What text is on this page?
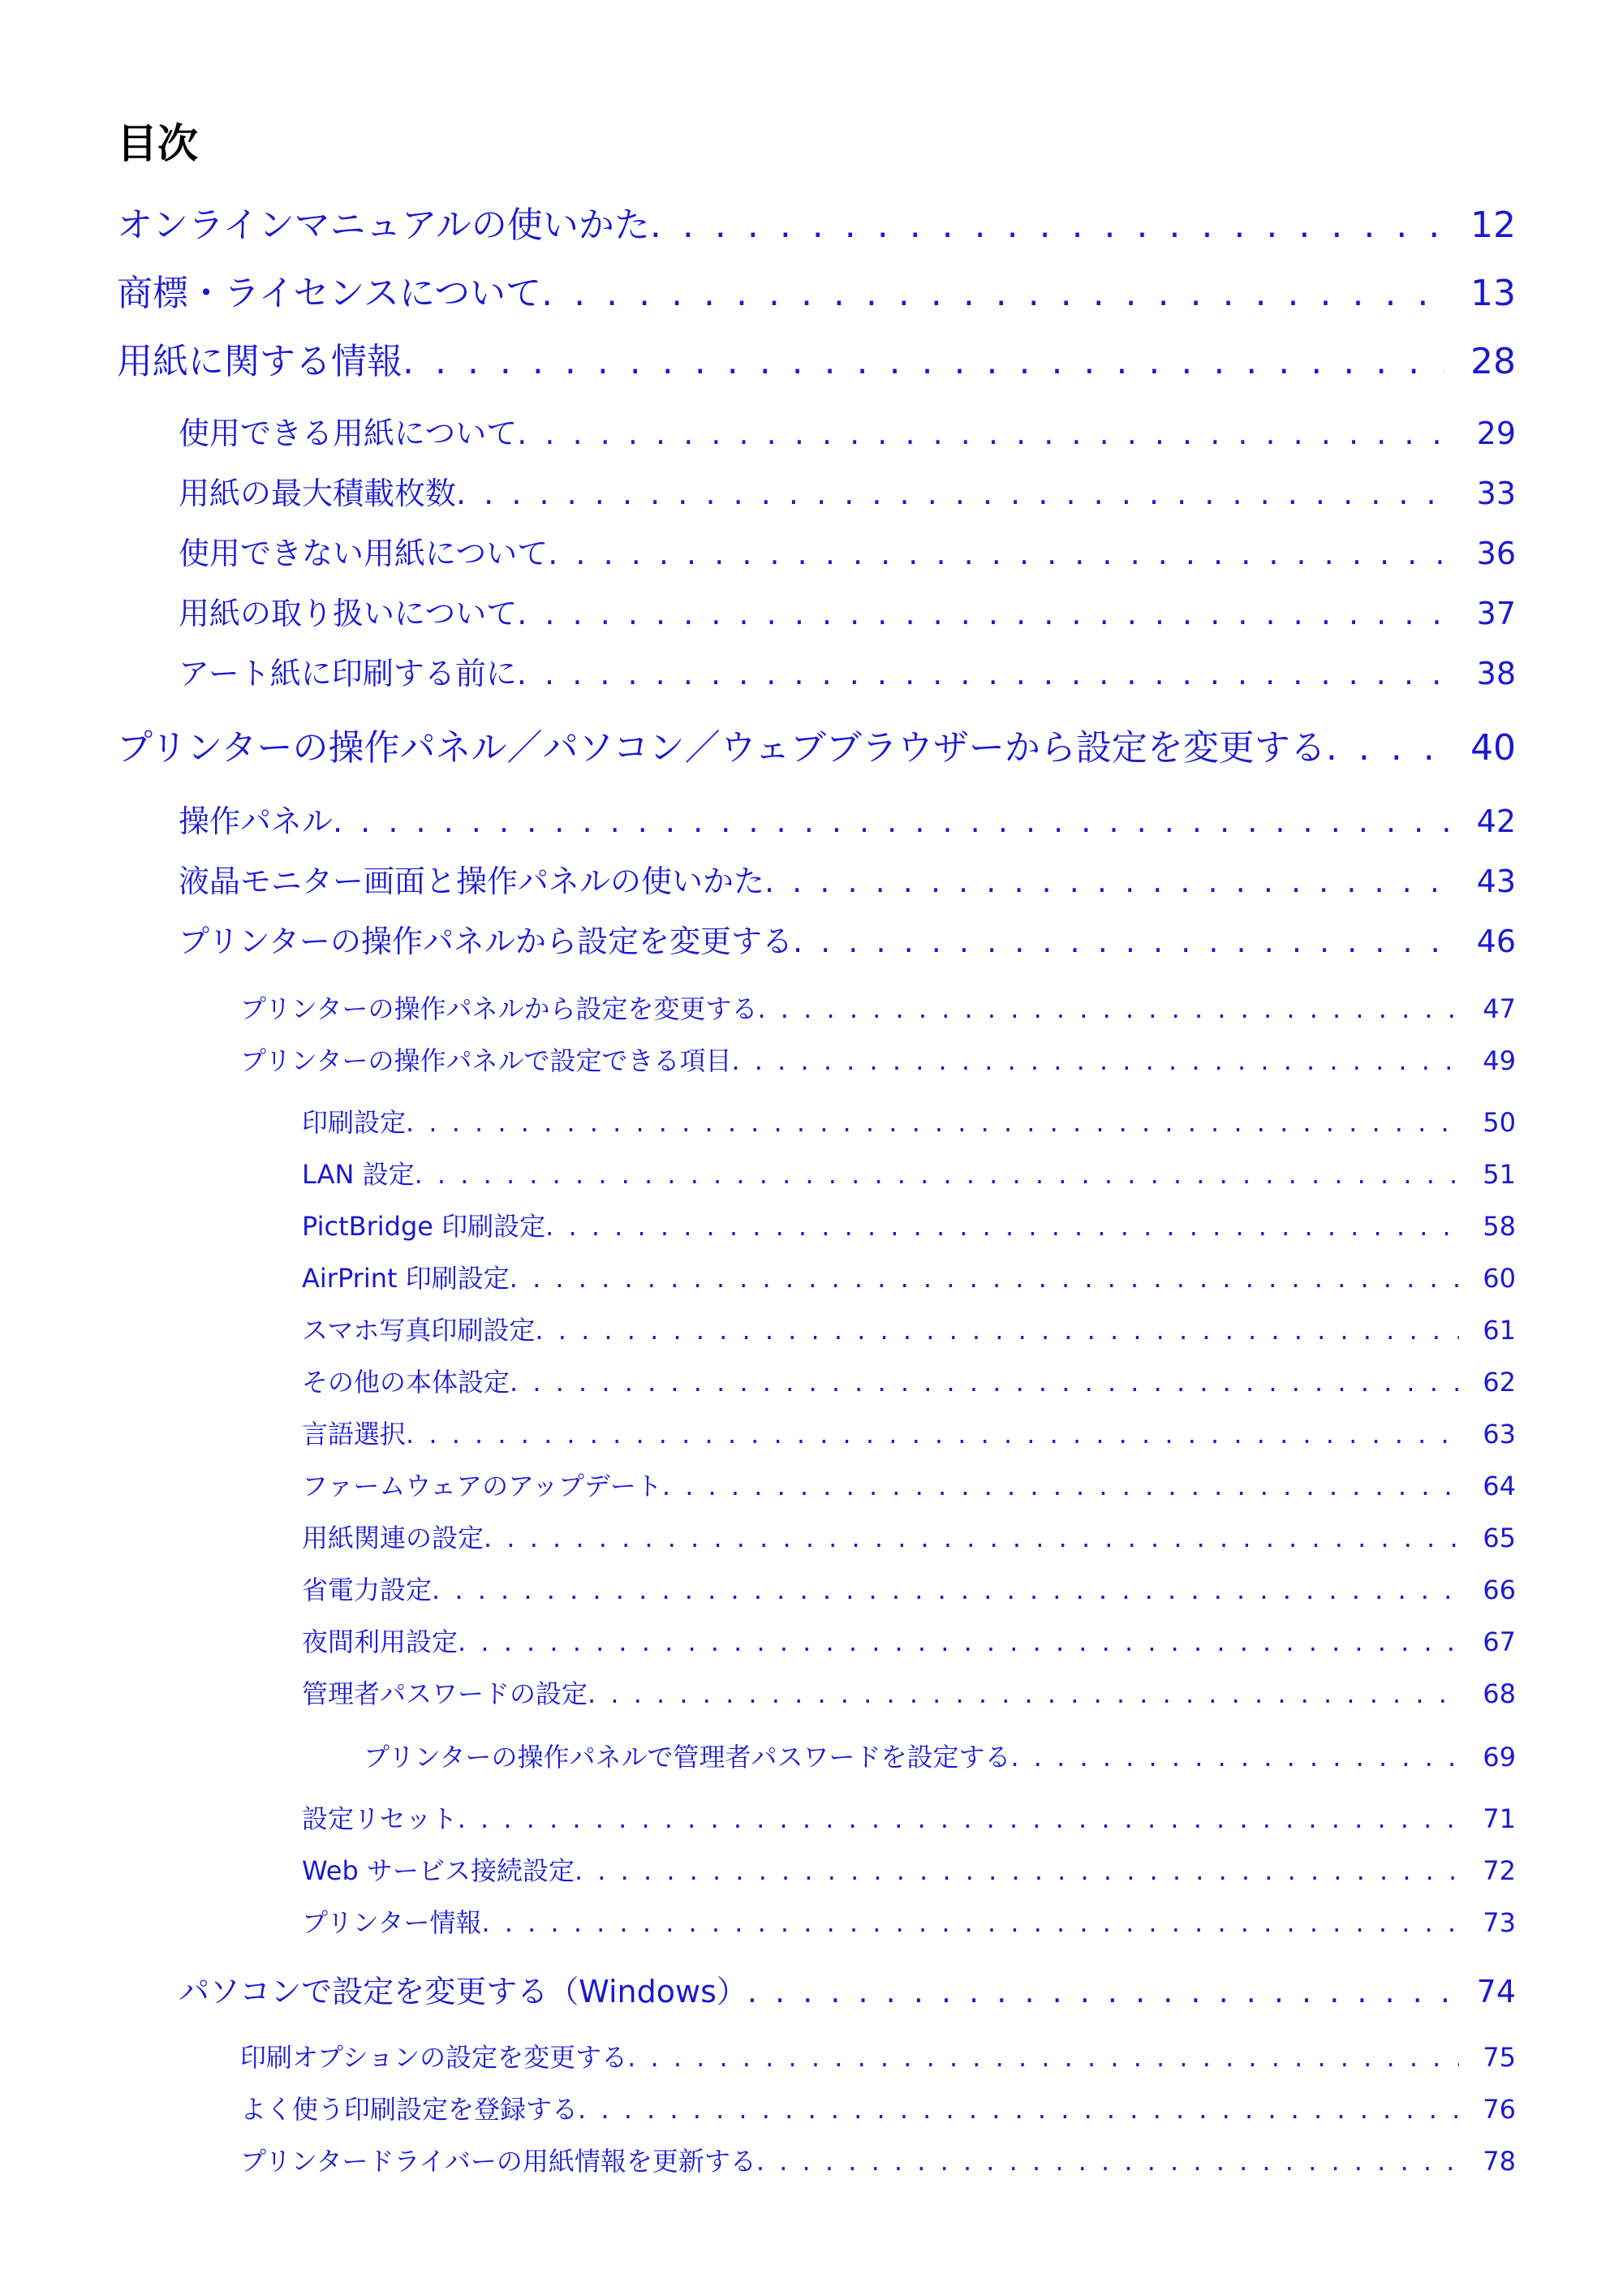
目次
オンラインマニュアルの使いかた . . .	12
商標・ライセンスについて . . .	13
用紙に関する情報 . . .	28
使用できる用紙について . . .	29
用紙の最大積載枚数 . . .	33
使用できない用紙について . . .	36
用紙の取り扱いについて . . .	37
アート紙に印刷する前に . . .	38
プリンターの操作パネル／パソコン／ウェブブラウザーから設定を変更する . . .	40
操作パネル . . .	42
液晶モニター画面と操作パネルの使いかた . . .	43
プリンターの操作パネルから設定を変更する . . .	46
プリンターの操作パネルから設定を変更する . . .	47
プリンターの操作パネルで設定できる項目 . . .	49
印刷設定 . . .	50
LAN 設定 . . .	51
PictBridge 印刷設定 . . .	58
AirPrint 印刷設定 . . .	60
スマホ写真印刷設定 . . .	61
その他の本体設定 . . .	62
言語選択 . . .	63
ファームウェアのアップデート . . .	64
用紙関連の設定 . . .	65
省電力設定 . . .	66
夜間利用設定 . . .	67
管理者パスワードの設定 . . .	68
プリンターの操作パネルで管理者パスワードを設定する . . .	69
設定リセット . . .	71
Web サービス接続設定 . . .	72
プリンター情報 . . .	73
パソコンで設定を変更する（Windows） . . .	74
印刷オプションの設定を変更する . . .	75
よく使う印刷設定を登録する . . .	76
プリンタードライバーの用紙情報を更新する . . .	78
